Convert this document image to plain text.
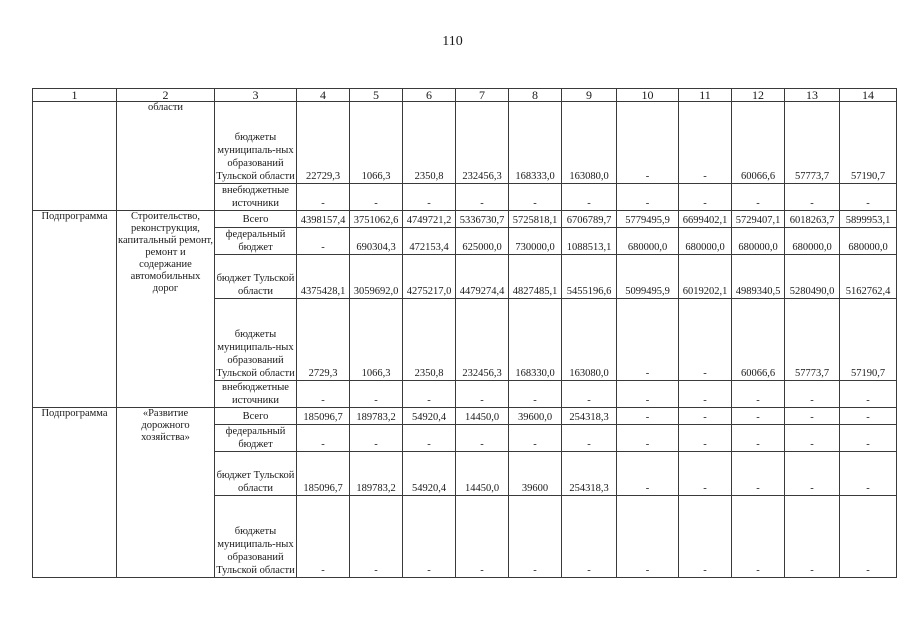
110
1	2	3	4	5	6	7	8	9	10	11	12	13	14
	области	бюджеты муниципаль-ных образований Тульской области	22729,3	1066,3	2350,8	232456,3	168333,0	163080,0	-	-	60066,6	57773,7	57190,7
		внебюджетные источники	-	-	-	-	-	-	-	-	-	-	-
Подпрограмма	Строительство, реконструкция, капитальный ремонт, ремонт и содержание автомобильных дорог	Всего	4398157,4	3751062,6	4749721,2	5336730,7	5725818,1	6706789,7	5779495,9	6699402,1	5729407,1	6018263,7	5899953,1
		федеральный бюджет	-	690304,3	472153,4	625000,0	730000,0	1088513,1	680000,0	680000,0	680000,0	680000,0	680000,0
		бюджет Тульской области	4375428,1	3059692,0	4275217,0	4479274,4	4827485,1	5455196,6	5099495,9	6019202,1	4989340,5	5280490,0	5162762,4
		бюджеты муниципаль-ных образований Тульской области	2729,3	1066,3	2350,8	232456,3	168330,0	163080,0	-	-	60066,6	57773,7	57190,7
		внебюджетные источники	-	-	-	-	-	-	-	-	-	-	-
Подпрограмма	«Развитие дорожного хозяйства»	Всего	185096,7	189783,2	54920,4	14450,0	39600,0	254318,3	-	-	-	-	-
		федеральный бюджет	-	-	-	-	-	-	-	-	-	-	-
		бюджет Тульской области	185096,7	189783,2	54920,4	14450,0	39600	254318,3	-	-	-	-	-
		бюджеты муниципаль-ных образований Тульской области	-	-	-	-	-	-	-	-	-	-	-
